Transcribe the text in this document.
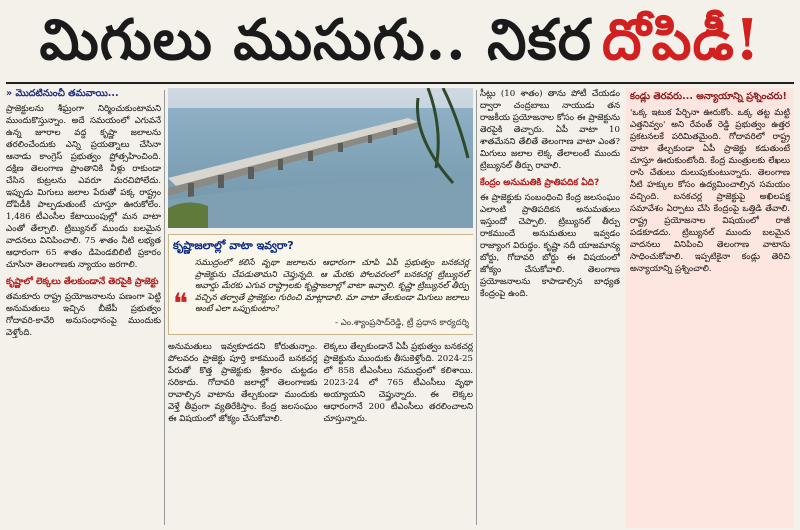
మిగులు ముసుగు.. నికర దోపిడీ!

» మొదటినుంచీ తమవాయి...

ప్రాజెక్టులను శీఘ్రంగా నిర్మించుకుంటామని ముందుకొస్తున్నాం. అదే సమయంలో ఎగువనే ఉన్న జూరాల వద్ద కృష్ణా జలాలను తరలించేందుకు ఎన్ని ప్రయత్నాలు చేసినా ఆనాడు కాంగ్రెస్ ప్రభుత్వం ప్రోత్సహించింది. దక్షిణ తెలంగాణ ప్రాంతానికి నీళ్లు రాకుండా చేసిన కుట్రలను ఎవరూ మరచిపోలేదు. ఇప్పుడు మిగులు జలాల పేరుతో పక్క రాష్ట్రం దోపిడీకి పాల్పడుతుంటే చూస్తూ ఊరుకోలేం. 1,486 టీఎంసీల కేటాయింపుల్లో మన వాటా ఎంతో తేల్చాలి. ట్రిబ్యునల్ ముందు బలమైన వాదనలు వినిపించాలి. 75 శాతం నీటి లభ్యత ఆధారంగా 65 శాతం డిపెండబిలిటీ ప్రకారం చూసినా తెలంగాణకు న్యాయం జరగాలి.

కృష్ణాలో లెక్కలు తేలకుండానే తెరపైకి ప్రాజెక్టు

తమకూరు రాష్ట్ర ప్రయోజనాలను పణంగా పెట్టి అనుమతులు ఇచ్చిన బీజేపీ ప్రభుత్వం గోదావరి-కావేరి అనుసంధానంపై ముందుకు వెళ్తోంది.

కృష్ణాజలాల్లో వాటా ఇవ్వరా?

❝

సముద్రంలో కలిసే వృథా జలాలను ఆధారంగా చూపి ఏపీ ప్రభుత్వం బనకచర్ల ప్రాజెక్టును చేపడుతామని చెప్తున్నది. ఆ మేరకు పోలవరంలో బనకచర్ల ట్రిబ్యునల్‌ అవార్డు మేరకు ఎగువ రాష్ట్రాలకు కృష్ణాజలాల్లో వాటా ఇవ్వాలి. కృష్ణా ట్రిబ్యునల్ తీర్పు వచ్చిన తర్వాతే ప్రాజెక్టుల గురించి మాట్లాడాలి. మా వాటా తేలకుండా మిగులు జలాలు అంటే ఎలా ఒప్పుకుంటాం?

- ఎం.శ్యాంప్రసాద్‌రెడ్డి, ట్రీ ప్రధాన కార్యదర్శి

అనుమతులు ఇవ్వకూడదని కోరుతున్నాం. పోలవరం ప్రాజెక్టు పూర్తి కాకముందే బనకచర్ల పేరుతో కొత్త ప్రాజెక్టుకు శ్రీకారం చుట్టడం సరికాదు. గోదావరి జలాల్లో తెలంగాణకు రావాల్సిన వాటాను తేల్చకుండా ముందుకు వెళ్తే తీవ్రంగా వ్యతిరేకిస్తాం. కేంద్ర జలసంఘం ఈ విషయంలో జోక్యం చేసుకోవాలి.

లెక్కలు తేల్చకుండానే ఏపీ ప్రభుత్వం బనకచర్ల ప్రాజెక్టును ముందుకు తీసుకెళ్తోంది. 2024-25 లో 858 టీఎంసీలు సముద్రంలో కలిశాయి. 2023-24 లో 765 టీఎంసీలు వృథా అయ్యాయని చెప్తున్నారు. ఈ లెక్కల ఆధారంగానే 200 టీఎంసీలు తరలించాలని చూస్తున్నారు.

సీట్లు (10 శాతం) తాను పోటీ చేయడం ద్వారా చంద్రబాబు నాయుడు తన రాజకీయ ప్రయోజనాల కోసం ఈ ప్రాజెక్టును తెరపైకి తెచ్చారు. ఏపీ వాటా 10 శాతమేనని తేలితే తెలంగాణ వాటా ఎంత? మిగులు జలాల లెక్క తేలాలంటే ముందు ట్రిబ్యునల్ తీర్పు రావాలి.

కేంద్రం అనుమతికి ప్రాతిపదిక ఏది?

ఈ ప్రాజెక్టుకు సంబంధించి కేంద్ర జలసంఘం ఎలాంటి ప్రాతిపదికన అనుమతులు ఇస్తుందో చెప్పాలి. ట్రిబ్యునల్ తీర్పు రాకముందే అనుమతులు ఇవ్వడం రాజ్యాంగ విరుద్ధం. కృష్ణా నదీ యాజమాన్య బోర్డు, గోదావరి బోర్డు ఈ విషయంలో జోక్యం చేసుకోవాలి. తెలంగాణ ప్రయోజనాలను కాపాడాల్సిన బాధ్యత కేంద్రంపై ఉంది.

కండ్లు తెరవరు... అన్యాయాన్ని ప్రశ్నించరు!

'ఒక్క ఇటుక పేర్చినా ఊరుకోం. ఒక్క తట్ట మట్టి ఎత్తనివ్వం' అని రేవంత్ రెడ్డి ప్రభుత్వం ఉత్తర ప్రకటనలకే పరిమితమైంది. గోదావరిలో రాష్ట్ర వాటా తేల్చకుండా ఏపీ ప్రాజెక్టు కడుతుంటే చూస్తూ ఊరుకుంటోంది. కేంద్ర మంత్రులకు లేఖలు రాసి చేతులు దులుపుకుంటున్నారు. తెలంగాణ నీటి హక్కుల కోసం ఉద్యమించాల్సిన సమయం వచ్చింది. బనకచర్ల ప్రాజెక్టుపై అఖిలపక్ష సమావేశం ఏర్పాటు చేసి కేంద్రంపై ఒత్తిడి తేవాలి. రాష్ట్ర ప్రయోజనాల విషయంలో రాజీ పడకూడదు. ట్రిబ్యునల్ ముందు బలమైన వాదనలు వినిపించి తెలంగాణ వాటాను సాధించుకోవాలి. ఇప్పటికైనా కండ్లు తెరిచి అన్యాయాన్ని ప్రశ్నించాలి.
